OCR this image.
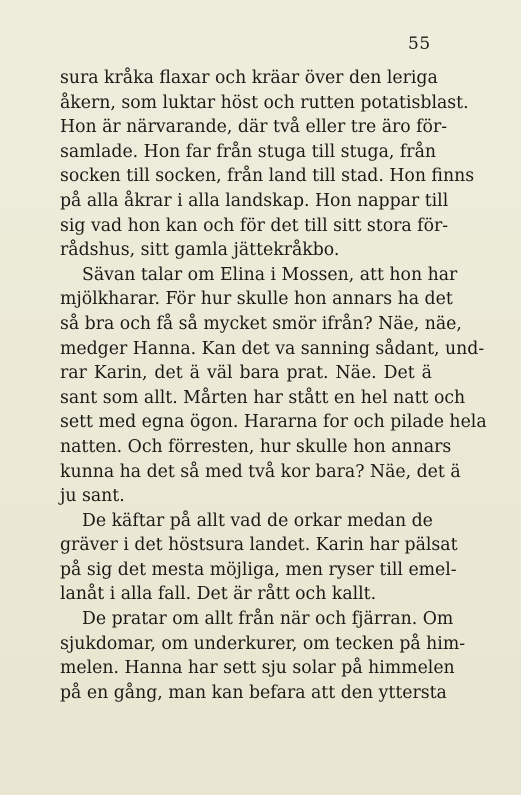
55

sura kråka flaxar och kräar över den leriga
åkern, som luktar höst och rutten potatisblast.
Hon är närvarande, där två eller tre äro för-
samlade. Hon far från stuga till stuga, från
socken till socken, från land till stad. Hon finns
på alla åkrar i alla landskap. Hon nappar till
sig vad hon kan och för det till sitt stora för-
rådshus, sitt gamla jättekråkbo.

Sävan talar om Elina i Mossen, att hon har
mjölkharar. För hur skulle hon annars ha det
så bra och få så mycket smör ifrån? Näe, näe,
medger Hanna. Kan det va sanning sådant, und-
rar Karin, det ä väl bara prat. Näe. Det ä
sant som allt. Mårten har stått en hel natt och
sett med egna ögon. Hararna for och pilade hela
natten. Och förresten, hur skulle hon annars
kunna ha det så med två kor bara? Näe, det ä
ju sant.

De käftar på allt vad de orkar medan de
gräver i det höstsura landet. Karin har pälsat
på sig det mesta möjliga, men ryser till emel-
lanåt i alla fall. Det är rått och kallt.

De pratar om allt från när och fjärran. Om
sjukdomar, om underkurer, om tecken på him-
melen. Hanna har sett sju solar på himmelen
på en gång, man kan befara att den yttersta
